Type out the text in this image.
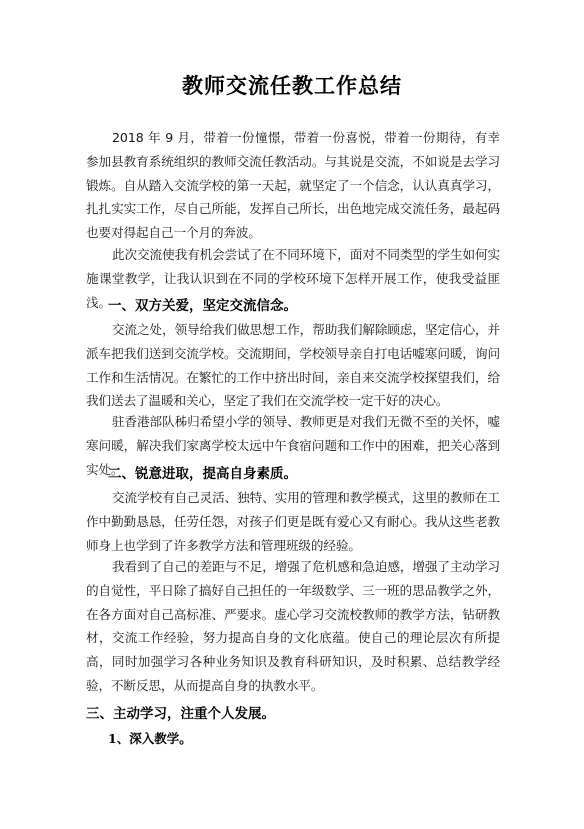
教师交流任教工作总结
2018 年 9 月，带着一份憧憬，带着一份喜悦，带着一份期待，有幸参加县教育系统组织的教师交流任教活动。与其说是交流，不如说是去学习锻炼。自从踏入交流学校的第一天起，就坚定了一个信念，认认真真学习，扎扎实实工作，尽自己所能，发挥自己所长，出色地完成交流任务，最起码也要对得起自己一个月的奔波。
此次交流使我有机会尝试了在不同环境下，面对不同类型的学生如何实施课堂教学，让我认识到在不同的学校环境下怎样开展工作，使我受益匪浅。
一、双方关爱，坚定交流信念。
交流之处，领导给我们做思想工作，帮助我们解除顾虑，坚定信心，并派车把我们送到交流学校。交流期间，学校领导亲自打电话嘘寒问暖，询问工作和生活情况。在繁忙的工作中挤出时间，亲自来交流学校探望我们，给我们送去了温暖和关心，坚定了我们在交流学校一定干好的决心。
驻香港部队秭归希望小学的领导、教师更是对我们无微不至的关怀，嘘寒问暖，解决我们家离学校太远中午食宿问题和工作中的困难，把关心落到实处。
二、锐意进取，提高自身素质。
交流学校有自己灵活、独特、实用的管理和教学模式，这里的教师在工作中勤勤恳恳，任劳任怨，对孩子们更是既有爱心又有耐心。我从这些老教师身上也学到了许多教学方法和管理班级的经验。
我看到了自己的差距与不足，增强了危机感和急迫感，增强了主动学习的自觉性，平日除了搞好自己担任的一年级数学、三一班的思品教学之外，在各方面对自己高标准、严要求。虚心学习交流校教师的教学方法，钻研教材，交流工作经验，努力提高自身的文化底蕴。使自己的理论层次有所提高，同时加强学习各种业务知识及教育科研知识，及时积累、总结教学经验，不断反思，从而提高自身的执教水平。
三、主动学习，注重个人发展。
1、深入教学。
